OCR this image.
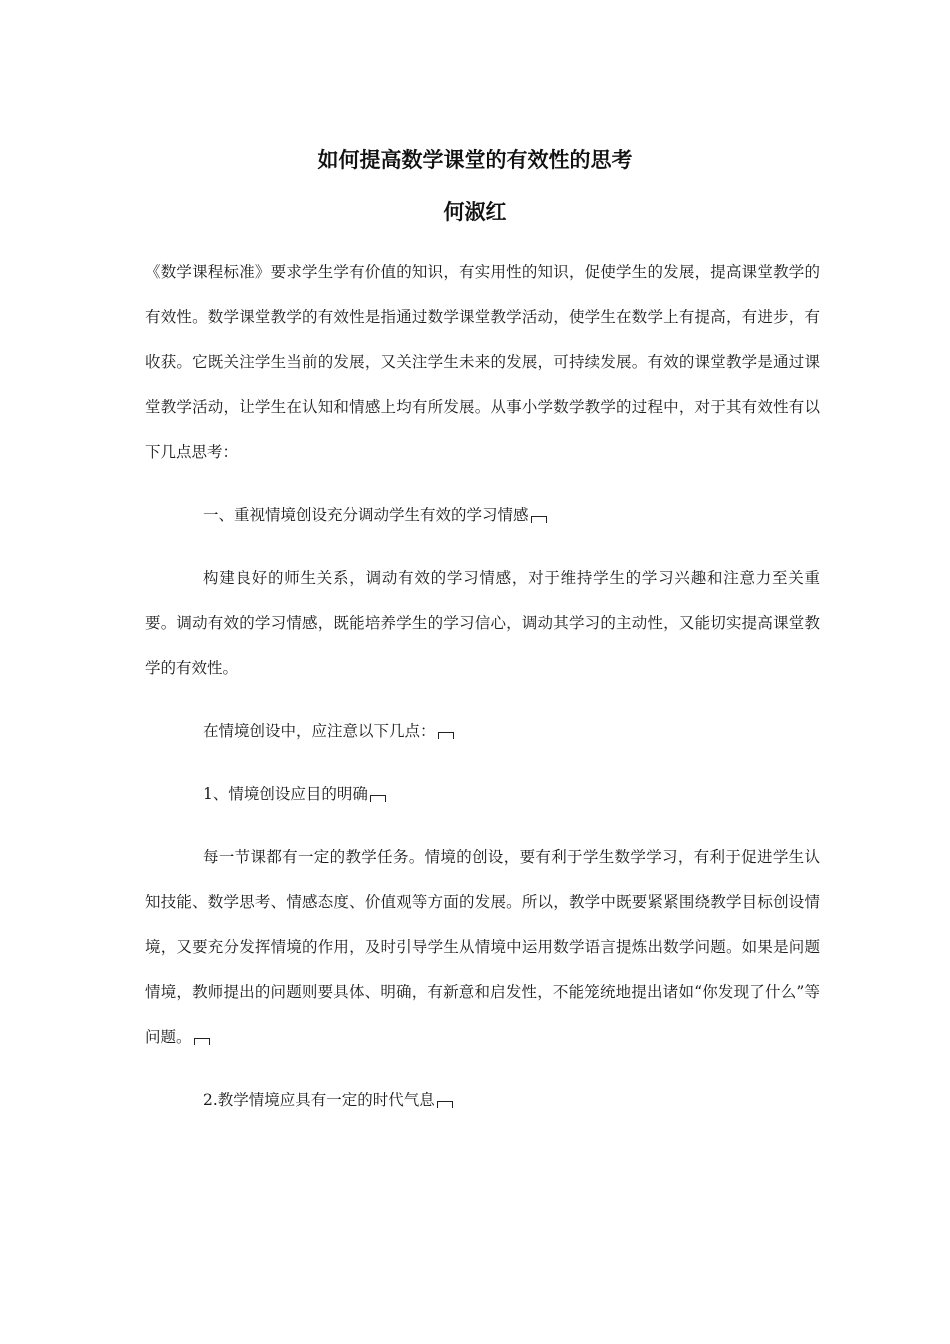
如何提高数学课堂的有效性的思考
何淑红

《数学课程标准》要求学生学有价值的知识，有实用性的知识，促使学生的发展，提高课堂教学的有效性。数学课堂教学的有效性是指通过数学课堂教学活动，使学生在数学上有提高，有进步，有收获。它既关注学生当前的发展，又关注学生未来的发展，可持续发展。有效的课堂教学是通过课堂教学活动，让学生在认知和情感上均有所发展。从事小学数学教学的过程中，对于其有效性有以下几点思考：

一、重视情境创设充分调动学生有效的学习情感

构建良好的师生关系，调动有效的学习情感，对于维持学生的学习兴趣和注意力至关重要。调动有效的学习情感，既能培养学生的学习信心，调动其学习的主动性，又能切实提高课堂教学的有效性。

在情境创设中，应注意以下几点：

1、情境创设应目的明确

每一节课都有一定的教学任务。情境的创设，要有利于学生数学学习，有利于促进学生认知技能、数学思考、情感态度、价值观等方面的发展。所以，教学中既要紧紧围绕教学目标创设情境，又要充分发挥情境的作用，及时引导学生从情境中运用数学语言提炼出数学问题。如果是问题情境，教师提出的问题则要具体、明确，有新意和启发性，不能笼统地提出诸如“你发现了什么”等问题。

2.教学情境应具有一定的时代气息
